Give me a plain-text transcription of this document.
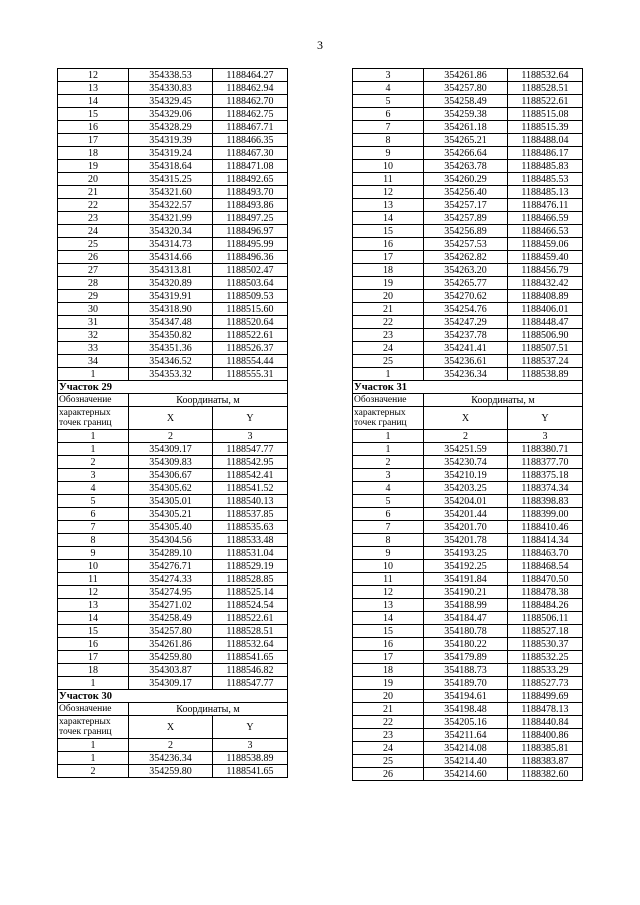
3
12	354338.53	1188464.27
13	354330.83	1188462.94
14	354329.45	1188462.70
15	354329.06	1188462.75
16	354328.29	1188467.71
17	354319.39	1188466.35
18	354319.24	1188467.30
19	354318.64	1188471.08
20	354315.25	1188492.65
21	354321.60	1188493.70
22	354322.57	1188493.86
23	354321.99	1188497.25
24	354320.34	1188496.97
25	354314.73	1188495.99
26	354314.66	1188496.36
27	354313.81	1188502.47
28	354320.89	1188503.64
29	354319.91	1188509.53
30	354318.90	1188515.60
31	354347.48	1188520.64
32	354350.82	1188522.61
33	354351.36	1188526.37
34	354346.52	1188554.44
1	354353.32	1188555.31
Участок 29		
Обозначение	Координаты, м	
характерных точек границ	X	Y
1	2	3
1	354309.17	1188547.77
2	354309.83	1188542.95
3	354306.67	1188542.41
4	354305.62	1188541.52
5	354305.01	1188540.13
6	354305.21	1188537.85
7	354305.40	1188535.63
8	354304.56	1188533.48
9	354289.10	1188531.04
10	354276.71	1188529.19
11	354274.33	1188528.85
12	354274.95	1188525.14
13	354271.02	1188524.54
14	354258.49	1188522.61
15	354257.80	1188528.51
16	354261.86	1188532.64
17	354259.80	1188541.65
18	354303.87	1188546.82
1	354309.17	1188547.77
Участок 30		
Обозначение	Координаты, м	
характерных точек границ	X	Y
1	2	3
1	354236.34	1188538.89
2	354259.80	1188541.65
3	354261.86	1188532.64
4	354257.80	1188528.51
5	354258.49	1188522.61
6	354259.38	1188515.08
7	354261.18	1188515.39
8	354265.21	1188488.04
9	354266.64	1188486.17
10	354263.78	1188485.83
11	354260.29	1188485.53
12	354256.40	1188485.13
13	354257.17	1188476.11
14	354257.89	1188466.59
15	354256.89	1188466.53
16	354257.53	1188459.06
17	354262.82	1188459.40
18	354263.20	1188456.79
19	354265.77	1188432.42
20	354270.62	1188408.89
21	354254.76	1188406.01
22	354247.29	1188448.47
23	354237.78	1188506.90
24	354241.41	1188507.51
25	354236.61	1188537.24
1	354236.34	1188538.89
Участок 31		
Обозначение	Координаты, м	
характерных точек границ	X	Y
1	2	3
1	354251.59	1188380.71
2	354230.74	1188377.70
3	354210.19	1188375.18
4	354203.25	1188374.34
5	354204.01	1188398.83
6	354201.44	1188399.00
7	354201.70	1188410.46
8	354201.78	1188414.34
9	354193.25	1188463.70
10	354192.25	1188468.54
11	354191.84	1188470.50
12	354190.21	1188478.38
13	354188.99	1188484.26
14	354184.47	1188506.11
15	354180.78	1188527.18
16	354180.22	1188530.37
17	354179.89	1188532.25
18	354188.73	1188533.29
19	354189.70	1188527.73
20	354194.61	1188499.69
21	354198.48	1188478.13
22	354205.16	1188440.84
23	354211.64	1188400.86
24	354214.08	1188385.81
25	354214.40	1188383.87
26	354214.60	1188382.60
